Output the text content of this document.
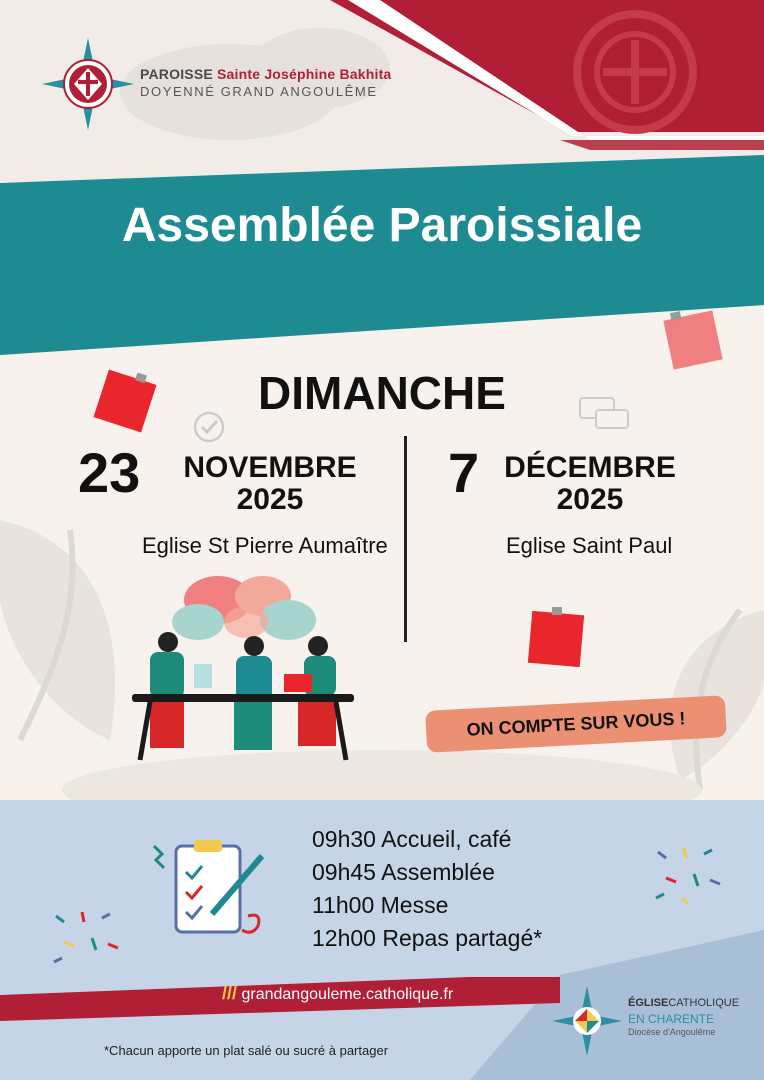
PAROISSE Sainte Joséphine Bakhita
DOYENNÉ GRAND ANGOULÊME
Assemblée Paroissiale
DIMANCHE
23	NOVEMBRE
2025
Eglise St Pierre Aumaître
7 DÉCEMBRE
2025
Eglise Saint Paul
ON COMPTE SUR VOUS !
09h30 Accueil, café
09h45 Assemblée
11h00 Messe
12h00 Repas partagé*
/// grandangouleme.catholique.fr
*Chacun apporte un plat salé ou sucré à partager
ÉGLISECATHOLIQUE
EN CHARENTE
Diocèse d'Angoulême
